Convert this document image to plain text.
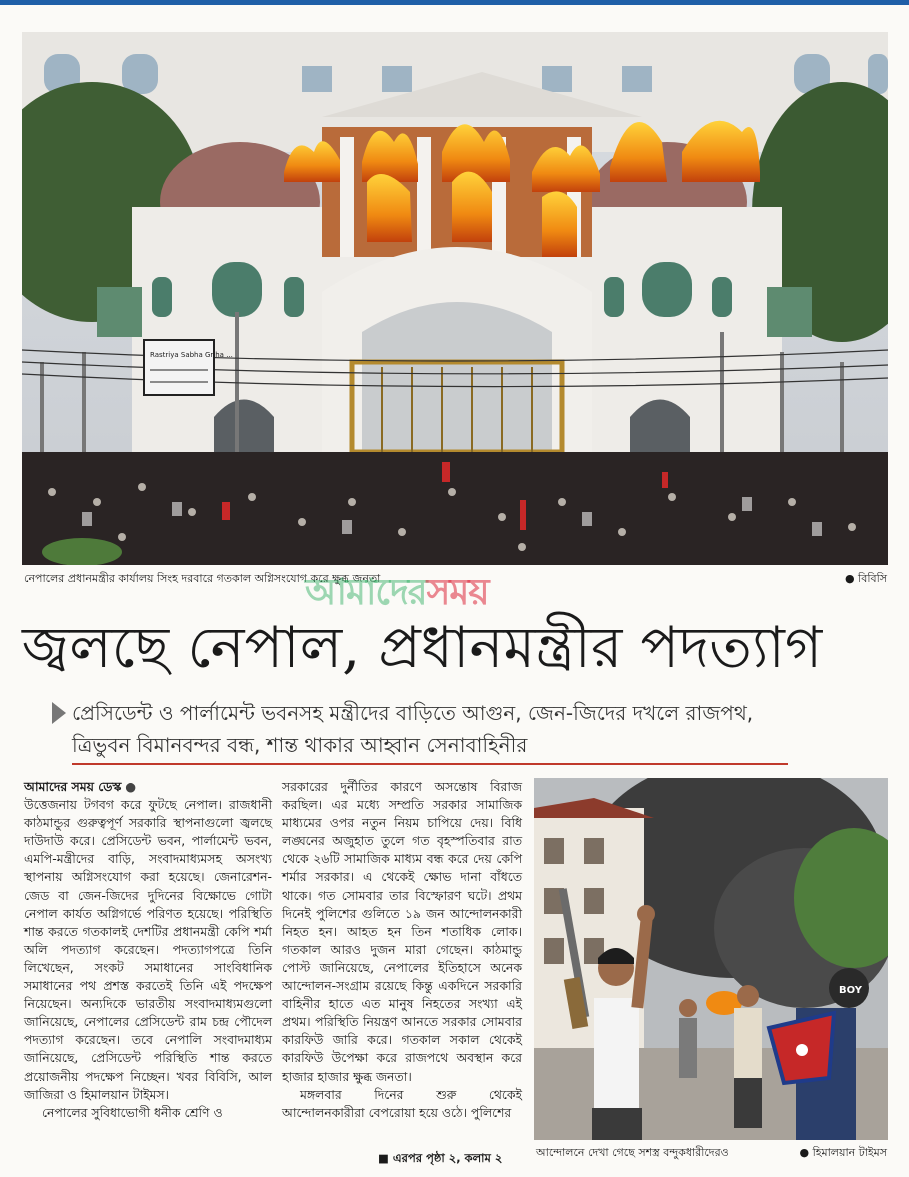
Rastriya Sabha Griha ...
নেপালের প্রধানমন্ত্রীর কার্যালয় সিংহ দরবারে গতকাল অগ্নিসংযোগ করে ক্ষুব্ধ জনতা	● বিবিসি
আমাদেরসময়
জ্বলছে নেপাল, প্রধানমন্ত্রীর পদত্যাগ
প্রেসিডেন্ট ও পার্লামেন্ট ভবনসহ মন্ত্রীদের বাড়িতে আগুন, জেন-জিদের দখলে রাজপথ, ত্রিভুবন বিমানবন্দর বন্ধ, শান্ত থাকার আহ্বান সেনাবাহিনীর
আমাদের সময় ডেস্ক ●
উত্তেজনায় টগবগ করে ফুটছে নেপাল। রাজধানী কাঠমান্ডুর গুরুত্বপূর্ণ সরকারি স্থাপনাগুলো জ্বলছে দাউদাউ করে। প্রেসিডেন্ট ভবন, পার্লামেন্ট ভবন, এমপি-মন্ত্রীদের বাড়ি, সংবাদমাধ্যমসহ অসংখ্য স্থাপনায় অগ্নিসংযোগ করা হয়েছে। জেনারেশন-জেড বা জেন-জিদের দুদিনের বিক্ষোভে গোটা নেপাল কার্যত অগ্নিগর্ভে পরিণত হয়েছে। পরিস্থিতি শান্ত করতে গতকালই দেশটির প্রধানমন্ত্রী কেপি শর্মা অলি পদত্যাগ করেছেন। পদত্যাগপত্রে তিনি লিখেছেন, সংকট সমাধানের সাংবিধানিক সমাধানের পথ প্রশস্ত করতেই তিনি এই পদক্ষেপ নিয়েছেন। অন্যদিকে ভারতীয় সংবাদমাধ্যমগুলো জানিয়েছে, নেপালের প্রেসিডেন্ট রাম চন্দ্র পৌদেল পদত্যাগ করেছেন। তবে নেপালি সংবাদমাধ্যম জানিয়েছে, প্রেসিডেন্ট পরিস্থিতি শান্ত করতে প্রয়োজনীয় পদক্ষেপ নিচ্ছেন। খবর বিবিসি, আল জাজিরা ও হিমালয়ান টাইমস।
নেপালের সুবিধাভোগী ধনীক শ্রেণি ও
সরকারের দুর্নীতির কারণে অসন্তোষ বিরাজ করছিল। এর মধ্যে সম্প্রতি সরকার সামাজিক মাধ্যমের ওপর নতুন নিয়ম চাপিয়ে দেয়। বিধি লঙ্ঘনের অজুহাত তুলে গত বৃহস্পতিবার রাত থেকে ২৬টি সামাজিক মাধ্যম বন্ধ করে দেয় কেপি শর্মার সরকার। এ থেকেই ক্ষোভ দানা বাঁধতে থাকে। গত সোমবার তার বিস্ফোরণ ঘটে। প্রথম দিনেই পুলিশের গুলিতে ১৯ জন আন্দোলনকারী নিহত হন। আহত হন তিন শতাধিক লোক। গতকাল আরও দুজন মারা গেছেন। কাঠমান্ডু পোস্ট জানিয়েছে, নেপালের ইতিহাসে অনেক আন্দোলন-সংগ্রাম রয়েছে কিন্তু একদিনে সরকারি বাহিনীর হাতে এত মানুষ নিহতের সংখ্যা এই প্রথম। পরিস্থিতি নিয়ন্ত্রণ আনতে সরকার সোমবার কারফিউ জারি করে। গতকাল সকাল থেকেই কারফিউ উপেক্ষা করে রাজপথে অবস্থান করে হাজার হাজার ক্ষুব্ধ জনতা।
মঙ্গলবার দিনের শুরু থেকেই আন্দোলনকারীরা বেপরোয়া হয়ে ওঠে। পুলিশের
■ এরপর পৃষ্ঠা ২, কলাম ২
BOY
আন্দোলনে দেখা গেছে সশস্ত্র বন্দুকধারীদেরও	● হিমালয়ান টাইমস
